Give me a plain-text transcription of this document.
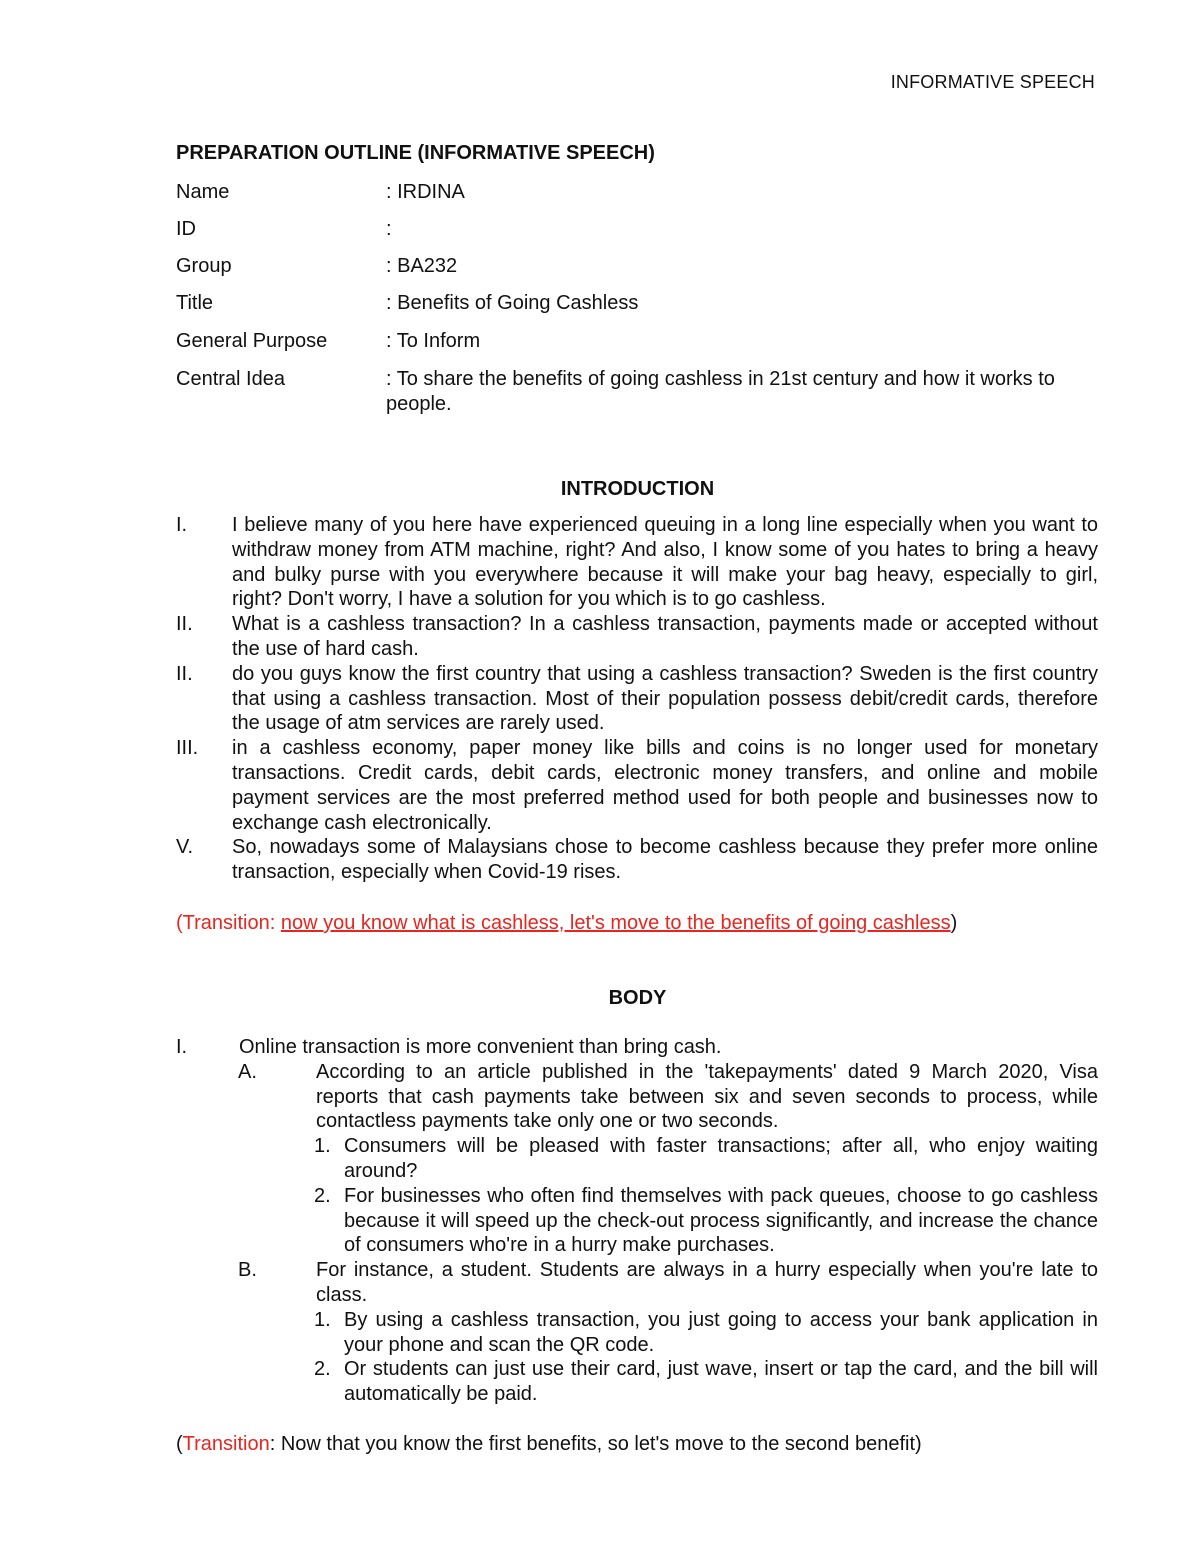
INFORMATIVE SPEECH
PREPARATION OUTLINE (INFORMATIVE SPEECH)
Name	: IRDINA
ID	:
Group	: BA232
Title	: Benefits of Going Cashless
General Purpose	: To Inform
Central Idea	: To share the benefits of going cashless in 21st century and how it works to people.
INTRODUCTION
I. I believe many of you here have experienced queuing in a long line especially when you want to withdraw money from ATM machine, right? And also, I know some of you hates to bring a heavy and bulky purse with you everywhere because it will make your bag heavy, especially to girl, right? Don't worry, I have a solution for you which is to go cashless.
II. What is a cashless transaction? In a cashless transaction, payments made or accepted without the use of hard cash.
II. do you guys know the first country that using a cashless transaction? Sweden is the first country that using a cashless transaction. Most of their population possess debit/credit cards, therefore the usage of atm services are rarely used.
III. in a cashless economy, paper money like bills and coins is no longer used for monetary transactions. Credit cards, debit cards, electronic money transfers, and online and mobile payment services are the most preferred method used for both people and businesses now to exchange cash electronically.
V. So, nowadays some of Malaysians chose to become cashless because they prefer more online transaction, especially when Covid-19 rises.
(Transition: now you know what is cashless, let's move to the benefits of going cashless)
BODY
I.	Online transaction is more convenient than bring cash.
A.	According to an article published in the 'takepayments' dated 9 March 2020, Visa reports that cash payments take between six and seven seconds to process, while contactless payments take only one or two seconds.
1. Consumers will be pleased with faster transactions; after all, who enjoy waiting around?
2. For businesses who often find themselves with pack queues, choose to go cashless because it will speed up the check-out process significantly, and increase the chance of consumers who're in a hurry make purchases.
B.	For instance, a student. Students are always in a hurry especially when you're late to class.
1. By using a cashless transaction, you just going to access your bank application in your phone and scan the QR code.
2. Or students can just use their card, just wave, insert or tap the card, and the bill will automatically be paid.
(Transition: Now that you know the first benefits, so let's move to the second benefit)
